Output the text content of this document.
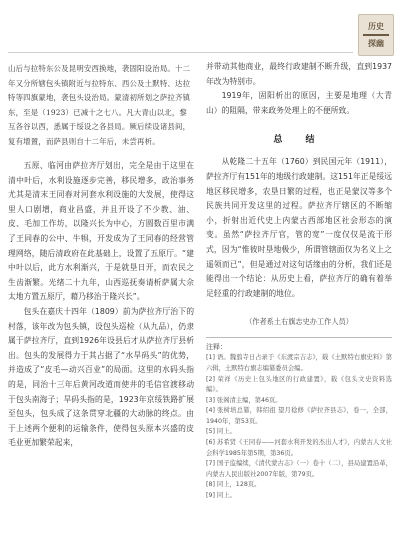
历史
探幽

山后与拉特东公及昆明安西换地，袭固阳设治局。十二年又分所辖包头镇附近与拉特东、西公及土默特、达拉特等四旗蒙地，袭包头设治局。蒙清初所划之萨拉齐镇东，至是（1923）已减十之七八。凡大青山以北，黎互各谷以西，悉属于绥设之各县局。厥后续设诸县间，复有增置，而萨县则自十二年后，未尝再析。

五原、临河由萨拉齐厅划出，完全是由于这里在清中叶后，水利设施逐步完善，移民增多，政治事务尤其是清末王同春对河套水利设施的大发展，使得这里人口剧增，商业昌盛，并且开设了不少教、油、皮、毛加工作坊，以隆兴长为中心，方圆数百里市满了王同春的公中、牛犋，开发成为了王同春的经营管理网络，随后清政府在此基础上，设置了五原厅。“建中叶以后，此方水利渐兴，于是就垦日开，而农民之生齿渐繁。光绪二十九年，山西巡抚奏请析萨属大佘太地方置五原厅，藉乃移治于隆兴长”。

包头在嘉庆十四年（1809）前为萨拉齐厅治下的村落，该年改为包头镇，设包头巡检（从九品），仍隶属于萨拉齐厅，直到1926年设县后才从萨拉齐厅县析出。包头的发展得力于其占据了“水旱码头”的优势，并造成了“皮毛—动兴百业”的局面。这里的水码头指的是，同治十三年后黄河改道而使井的毛信官渡移动于包头南海子；旱码头指的是，1923年京绥铁路扩展至包头，包头成了这条贯穿北疆的大动脉的终点。由于上述两个便利的运输条件，使得包头原本兴盛的皮毛业更加繁荣起来，

并带动其他商业，最终行政建制不断升级，直到1937年改为特别市。

1919年，固阳析出的原因，主要是地理（大青山）的阻隔，带来政务处理上的不便所致。

总 结

从乾隆二十五年（1760）到民国元年（1911），萨拉齐厅有151年的地级行政建制。这151年正是绥远地区移民增多，农垦日繁的过程，也正是蒙汉等多个民族共同开发这里的过程。萨拉齐厅辖区的不断缩小，折射出近代史上内蒙古西部地区社会形态的演变。虽然“萨拉齐厅官，管的宽”一度仅仅是流于形式，因为“惟彼时垦地极少，所谓管辖面仅为名义上之遥领而已”，但是通过对这句话缘由的分析，我们还是能得出一个结论：从历史上看，萨拉齐厅的确有着举足轻重的行政建制的地位。

（作者系土右旗志史办工作人员）
注释：

[1] 语。魏翦寺日占录于《东渡宗吉志》，载《土默特右旗史料》第六辑，土默特右旗志编纂委员会编。

[2] 荣祥《历史上包头地区的行政建置》，载《包头文史资料选编》。

[3] 张阁清主编，第46页。

[4] 张树培总纂，韩绍祖 望月稔修《萨拉齐县志》，卷一，全部，1940年，第53页。

[5] 同上。

[6] 苏希贤《王同春——河套水利开发的杰出人才》，内蒙古人文社会科学1985年第5期，第36页。

[7] 国子监编续，《清代蒙古志》（一）卷十（二），县局建置沿革，内蒙古人民出版社2007年版，第79页。

[8] 同上，128页。

[9] 同上。
